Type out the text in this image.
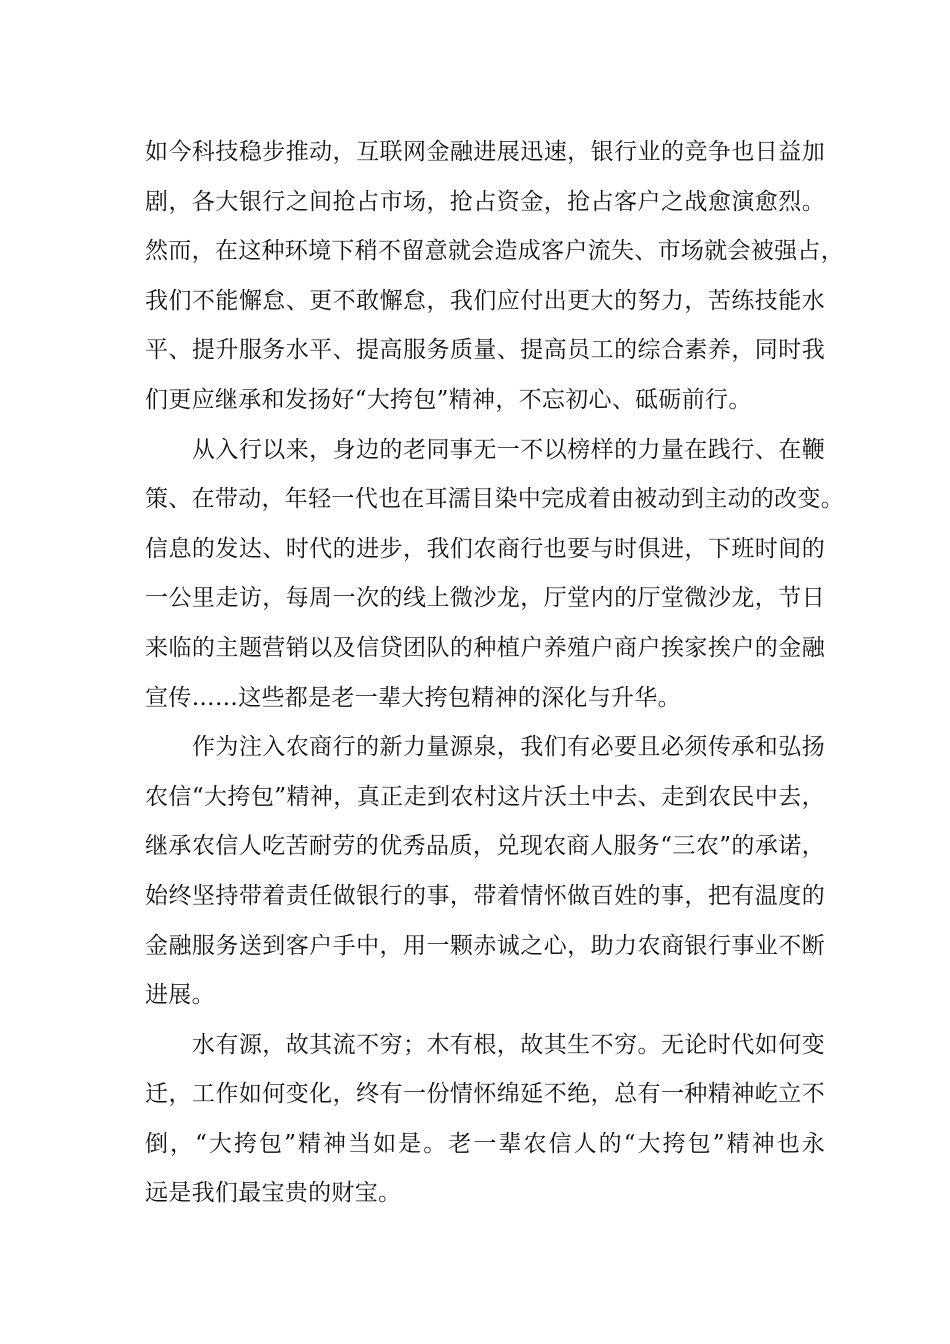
如今科技稳步推动，互联网金融进展迅速，银行业的竞争也日益加
剧，各大银行之间抢占市场，抢占资金，抢占客户之战愈演愈烈。
然而，在这种环境下稍不留意就会造成客户流失、市场就会被强占，
我们不能懈怠、更不敢懈怠，我们应付出更大的努力，苦练技能水
平、提升服务水平、提高服务质量、提高员工的综合素养，同时我
们更应继承和发扬好“大挎包”精神，不忘初心、砥砺前行。
　　从入行以来，身边的老同事无一不以榜样的力量在践行、在鞭
策、在带动，年轻一代也在耳濡目染中完成着由被动到主动的改变。
信息的发达、时代的进步，我们农商行也要与时俱进，下班时间的
一公里走访，每周一次的线上微沙龙，厅堂内的厅堂微沙龙，节日
来临的主题营销以及信贷团队的种植户养殖户商户挨家挨户的金融
宣传……这些都是老一辈大挎包精神的深化与升华。
　　作为注入农商行的新力量源泉，我们有必要且必须传承和弘扬
农信“大挎包”精神，真正走到农村这片沃土中去、走到农民中去，
继承农信人吃苦耐劳的优秀品质，兑现农商人服务“三农”的承诺，
始终坚持带着责任做银行的事，带着情怀做百姓的事，把有温度的
金融服务送到客户手中，用一颗赤诚之心，助力农商银行事业不断
进展。
　　水有源，故其流不穷；木有根，故其生不穷。无论时代如何变
迁，工作如何变化，终有一份情怀绵延不绝，总有一种精神屹立不
倒，“大挎包”精神当如是。老一辈农信人的“大挎包”精神也永
远是我们最宝贵的财宝。
